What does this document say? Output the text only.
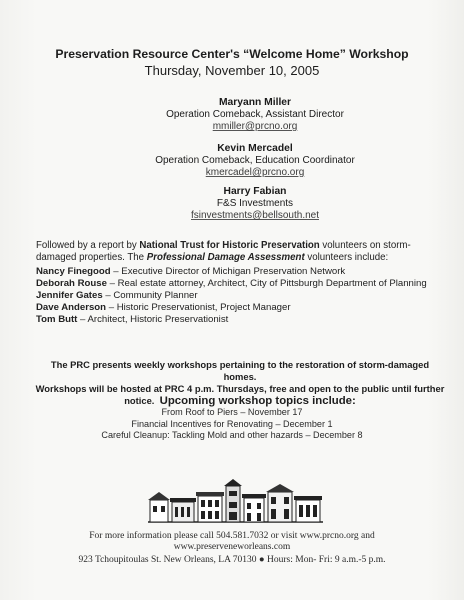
Preservation Resource Center's “Welcome Home” Workshop
Thursday, November 10, 2005
Maryann Miller
Operation Comeback, Assistant Director
mmiller@prcno.org
Kevin Mercadel
Operation Comeback, Education Coordinator
kmercadel@prcno.org
Harry Fabian
F&S Investments
fsinvestments@bellsouth.net
Followed by a report by National Trust for Historic Preservation volunteers on storm-damaged properties. The Professional Damage Assessment volunteers include:
Nancy Finegood – Executive Director of Michigan Preservation Network
Deborah Rouse – Real estate attorney, Architect, City of Pittsburgh Department of Planning
Jennifer Gates – Community Planner
Dave Anderson – Historic Preservationist, Project Manager
Tom Butt – Architect, Historic Preservationist
The PRC presents weekly workshops pertaining to the restoration of storm-damaged homes.
Workshops will be hosted at PRC 4 p.m. Thursdays, free and open to the public until further
notice. Upcoming workshop topics include:
From Roof to Piers – November 17
Financial Incentives for Renovating – December 1
Careful Cleanup: Tackling Mold and other hazards – December 8
For more information please call 504.581.7032 or visit www.prcno.org and
www.preserveneworleans.com
923 Tchoupitoulas St. New Orleans, LA 70130 ● Hours: Mon- Fri: 9 a.m.-5 p.m.
